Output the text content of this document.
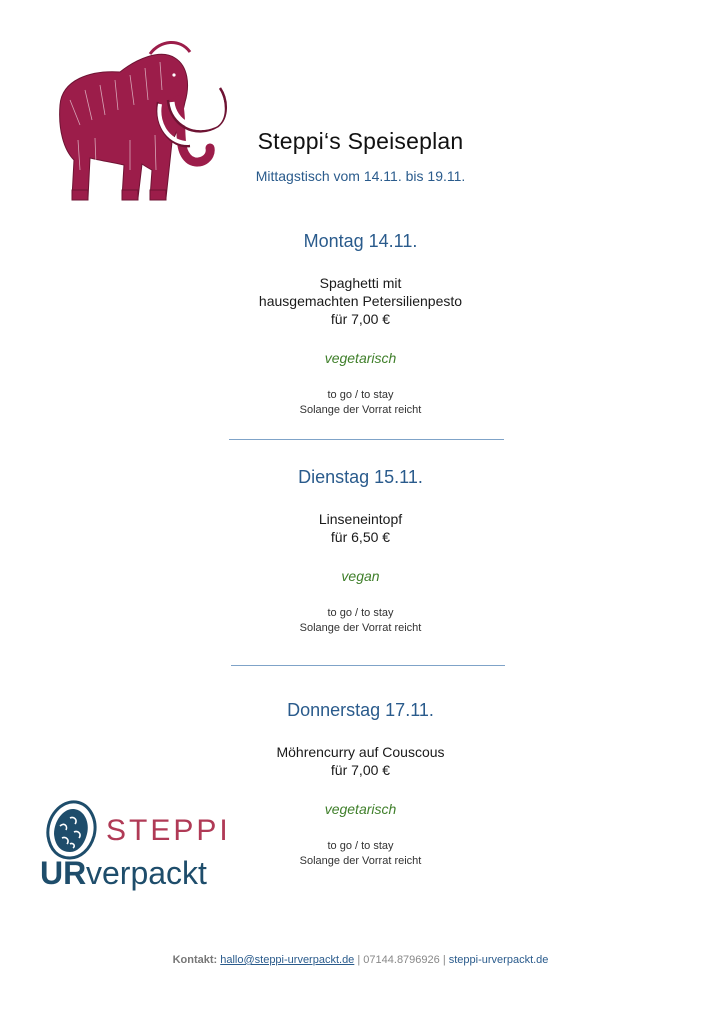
Steppi‘s Speiseplan
Mittagstisch vom 14.11. bis 19.11.
Montag 14.11.
Spaghetti mit
hausgemachten Petersilienpesto
für 7,00 €
vegetarisch
to go / to stay
Solange der Vorrat reicht
Dienstag 15.11.
Linseneintopf
für 6,50 €
vegan
to go / to stay
Solange der Vorrat reicht
Donnerstag 17.11.
Möhrencurry auf Couscous
für 7,00 €
vegetarisch
to go / to stay
Solange der Vorrat reicht
STEPPI
UR verpackt
Kontakt: hallo@steppi-urverpackt.de | 07144.8796926 | steppi-urverpackt.de
